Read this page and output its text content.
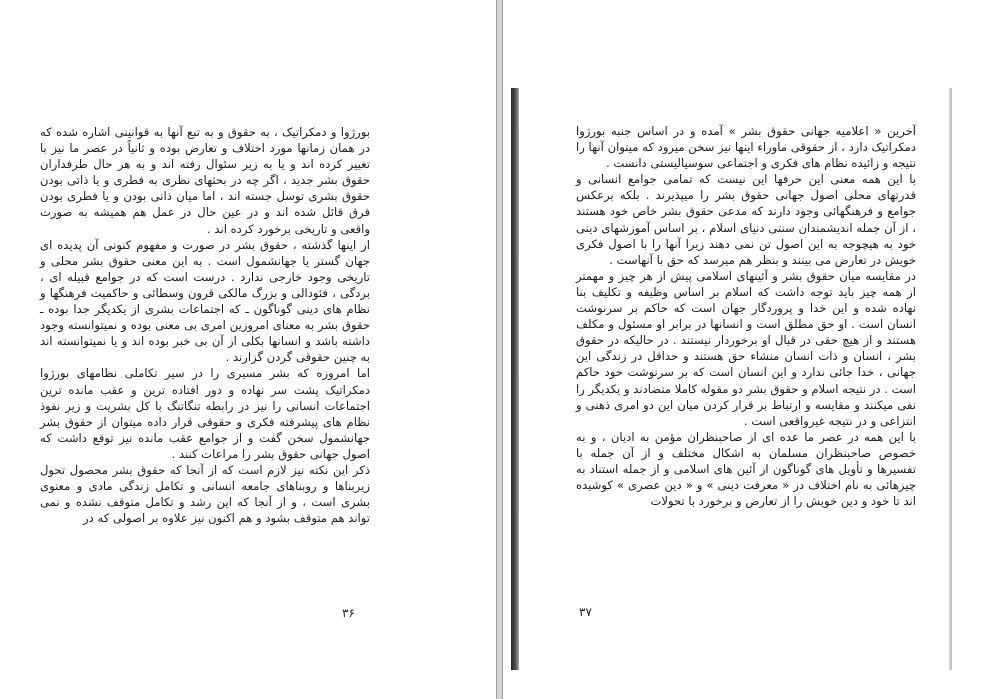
بورژوا و دمکراتیک ، به حقوق و به تبع آنها به قوانینی اشاره شده که در همان زمانها مورد اختلاف و تعارض بوده و ثانیاً در عصر ما نیز با تغییر کرده اند و یا به زیر سئوال رفته اند و به هر حال طرفداران حقوق بشر جدید ، اگر چه در بحثهای نظری به فطری و یا ذاتی بودن حقوق بشری توسل جسته اند ، اما میان ذاتی بودن و یا فطری بودن فرق قائل شده اند و در عین حال در عمل هم همیشه به صورت واقعی و تاریخی برخورد کرده اند .

از اینها گذشته ، حقوق بشر در صورت و مفهوم کنونی آن پدیده ای جهان گستر یا جهانشمول است . به این معنی حقوق بشر محلی و تاریخی وجود خارجی ندارد . درست است که در جوامع قبیله ای ، بردگی ، فئودالی و بزرگ مالکی قرون وسطائی و حاکمیت فرهنگها و نظام های دینی گوناگون ـ که اجتماعات بشری از یکدیگر جدا بوده ـ حقوق بشر به معنای امروزین امری بی معنی بوده و نمیتوانسته وجود داشته باشد و انسانها بکلی از آن بی خبر بوده اند و یا نمیتوانسته اند به چنین حقوقی گردن گزارند .

اما امروزه که بشر مسیری را در سیر تکاملی نظامهای بورژوا دمکراتیک پشت سر نهاده و دور افتاده ترین و عقب مانده ترین اجتماعات انسانی را نیز در رابطه تنگاتنگ با کل بشریت و زیر نفوذ نظام های پیشرفته فکری و حقوقی قرار داده میتوان از حقوق بشر جهانشمول سخن گفت و از جوامع عقب مانده نیز توقع داشت که اصول جهانی حقوق بشر را مراعات کنند .

ذکر این نکته نیز لازم است که از آنجا که حقوق بشر محصول تحول زیربناها و روبناهای جامعه انسانی و تکامل زندگی مادی و معنوی بشری است ، و از آنجا که این رشد و تکامل متوقف نشده و نمی تواند هم متوقف بشود و هم اکنون نیز علاوه بر اصولی که در

۳۶

آخرین « اعلامیه جهانی حقوق بشر » آمده و در اساس جنبه بورژوا دمکراتیک دارد ، از حقوقی ماوراء اینها نیز سخن میرود که میتوان آنها را نتیجه و زائیده نظام های فکری و اجتماعی سوسیالیستی دانست .

با این همه معنی این حرفها این نیست که تمامی جوامع انسانی و قدرتهای محلی اصول جهانی حقوق بشر را میپذیرند . بلکه برعکس جوامع و فرهنگهائی وجود دارند که مدعی حقوق بشر خاص خود هستند ، از آن جمله اندیشمندان سنتی دنیای اسلام ، بر اساس آموزشهای دینی خود به هیچوجه به این اصول تن نمی دهند زیرا آنها را با اصول فکری خویش در تعارض می بینند و بنظر هم میرسد که حق با آنهاست .

در مقایسه میان حقوق بشر و آئینهای اسلامی پیش از هر چیز و مهمتر از همه چیز باید توجه داشت که اسلام بر اساس وظیفه و تکلیف بنا نهاده شده و این خدا و پروردگار جهان است که حاکم بر سرنوشت انسان است . او حق مطلق است و انسانها در برابر او مسئول و مکلف هستند و از هیچ حقی در قبال او برخوردار نیستند . در حالیکه در حقوق بشر ، انسان و ذات انسان منشاء حق هستند و حداقل در زندگی این جهانی ، خدا جائی ندارد و این انسان است که بر سرنوشت خود حاکم است . در نتیجه اسلام و حقوق بشر دو مقوله کاملا متضادند و یکدیگر را نفی میکنند و مقایسه و ارتباط بر قرار کردن میان این دو امری ذهنی و انتزاعی و در نتیجه غیرواقعی است .

با این همه در عصر ما عده ای از صاحبنظران مؤمن به ادیان ، و به خصوص صاحبنظران مسلمان به اشکال مختلف و از آن جمله با تفسیرها و تأویل های گوناگون از آئین های اسلامی و از جمله استناد به چیزهائی به نام اختلاف در « معرفت دینی » و « دین عصری » کوشیده اند تا خود و دین خویش را از تعارض و برخورد با تحولات

۳۷
